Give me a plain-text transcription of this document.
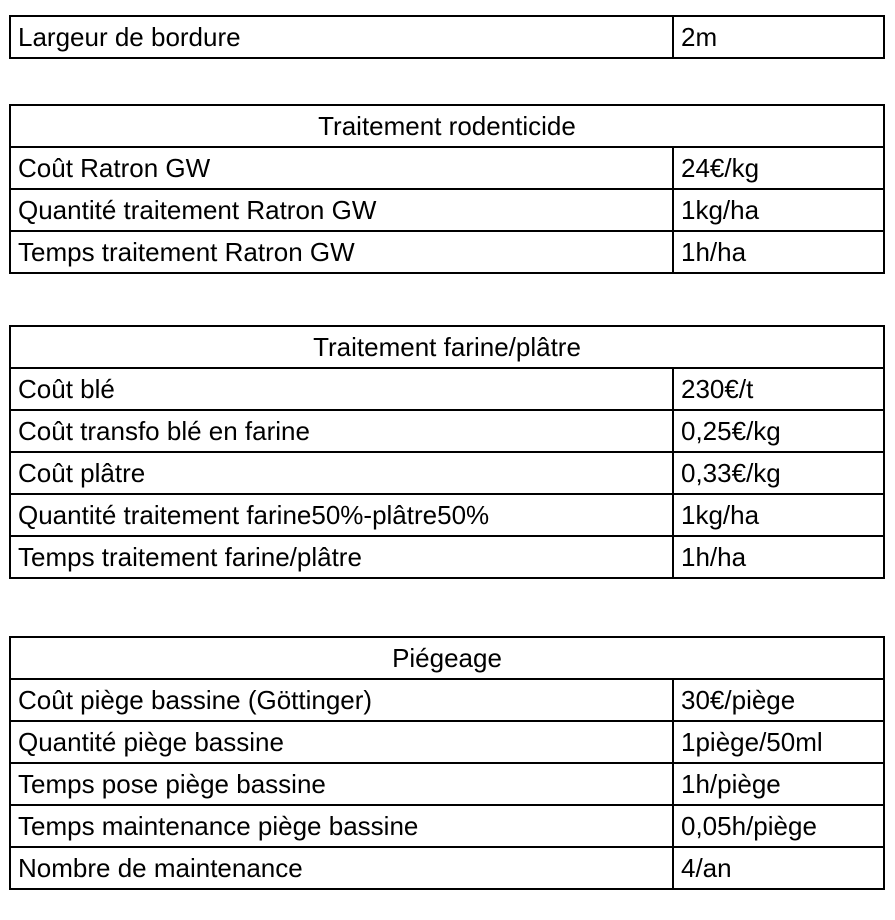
Largeur de bordure	2m
Traitement rodenticide	
Coût Ratron GW	24€/kg
Quantité traitement Ratron GW	1kg/ha
Temps traitement Ratron GW	1h/ha
Traitement farine/plâtre	
Coût blé	230€/t
Coût transfo blé en farine	0,25€/kg
Coût plâtre	0,33€/kg
Quantité traitement farine50%-plâtre50%	1kg/ha
Temps traitement farine/plâtre	1h/ha
Piégeage	
Coût piège bassine (Göttinger)	30€/piège
Quantité piège bassine	1piège/50ml
Temps pose piège bassine	1h/piège
Temps maintenance piège bassine	0,05h/piège
Nombre de maintenance	4/an
